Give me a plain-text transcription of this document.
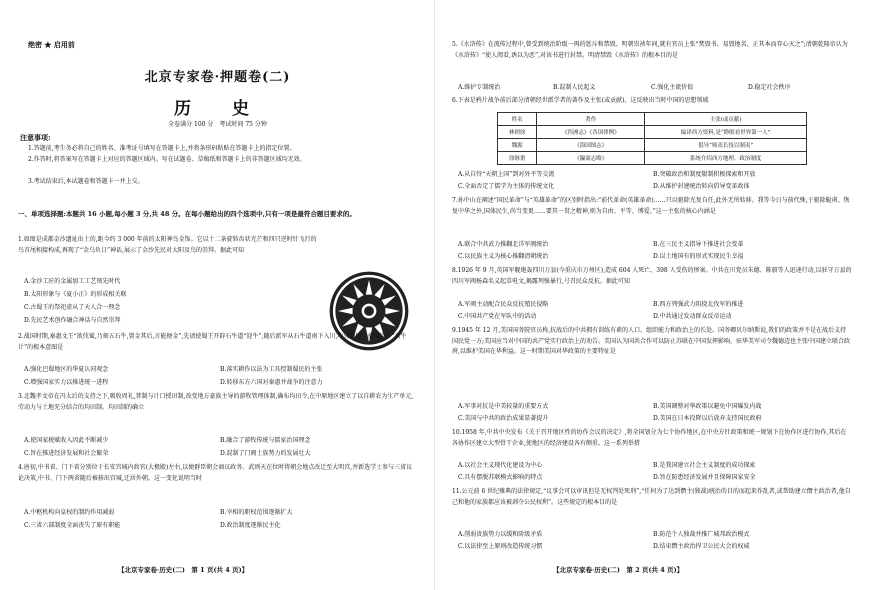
绝密 ★ 启用前
北京专家卷·押题卷(二)
历　史
全卷满分 100 分　考试时间 75 分钟
注意事项:
1.答题前,考生务必将自己的姓名、准考证号填写在答题卡上,并将条形码粘贴在答题卡上的指定位置。
2.作答时,将答案写在答题卡上对应的答题区域内。写在试题卷、草稿纸和答题卡上的非答题区域均无效。
3.考试结束后,本试题卷和答题卡一并上交。
一、单项选择题:本题共 16 小题,每小题 3 分,共 48 分。在每小题给出的四个选项中,只有一项是最符合题目要求的。
1.如图是成都金沙遗址出土的,距今约 3 000 年前的太阳神鸟金饰。它以十二条旋转齿状光芒和四只逆时针飞行的鸟首尾相接构成,再现了“金乌负日”神话,展示了金沙先民对太阳及鸟的崇拜。据此可知
A.金沙工匠的金属加工工艺领先时代
B.太阳形象与《夏小正》的形成相关联
C.古蜀王的祭祀虚从了天人合一理念
D.先民艺术创作融合神话与自然崇拜
2.战国时期,秦惠文王“欲伐蜀,乃刻五石牛,置金其后,言能便金”,先请使蜀王开辟石牛道“迎牛”,随后派军从石牛道南下入川,攻灭蜀国。秦国设计“石牛计”的根本意图是
A.强化巴蜀地区的华夏认同观念	B.落实耕作以法为工具控制蜀民的主张
C.增强国家实力以推进统一进程	D.转移东方六国对秦惠并战争的注意力
3.北魏孝文帝在冯太后的支持之下,吸收周礼,普制与计口授田制,改变地方豪族主导的游牧管理体制,确布均田令,在中原地区建立了以自耕农为生产单元,劳动力与土地充分结合的均田制。均田制的确立
A.使国家税赋收入因此不断减少	B.融合了游牧传统与儒家治国理念
C.旨在推进经济发展和社会繁荣	D.混制了门阀士族势力的发展壮大
4.唐初,中书省、门下省分别位于长安宫城内政官(大极殿)左右,以便群臣朝会商议政务。武则天在位时将朝会地点改迁至大明宫,并新选学士参与三省议论决策,中书、门下两省随后被移出宫城,迁居外朝。这一变化说明当时
A.中枢机构向皇权的制约作用减弱	B.宰相的职权范围逐渐扩大
C.三省六部制度全面丧失了原有职能	D.政治制度逐渐民主化
【北京专家卷·历史(二)　第 1 页(共 4 页)】
5.《水浒传》在流传过程中,曾受到统治阶级一再的惩斥和禁毁。明朝崇祯年间,就有官员上张“焚毁书、易毁地名、正其本而存心灭之”;清朝乾隆帝认为《水浒传》“使人阅看,诱以为恶”,对该书进行封禁。明清禁毁《水浒传》的根本目的是
A.维护专制统治	B.混制人民起义	C.强化主流价值	D.稳定社会秩序
6.下表是鸦片战争前后部分清朝经世派学者的著作及主张(或贡献)。这反映出当时中国的思想领域
姓名	著作	主张(或贡献)
林则徐	《四洲志》《各国律例》	编译西方资料,是“睁眼看世界第一人”
魏源	《海国图志》	倡导“师夷长技以制夷”
徐继畬	《瀛寰志略》	系统介绍西方地理、政治制度
A.从自恃“天朝上国”到对外平等交流	B.突破政治和制度限制积极探索和开放
C.全面否定了儒学为主体的传统文化	D.从维护封建统治转向倡导变革政体
7.孙中山在阐述“国民革命”与“英雄革命”的区别时指出:“前代革命(英雄革命)……只以驱除光复自任,此外无所转移。我等今日与前代殊,于驱除鞑虏、恢复中华之外,国体民生,尚当变更……要其一贯之精神,则为自由、平等、博爱。”这一主张的核心内涵是
A.联合中共武力推翻北洋军阀统治	B.在三民主义指导下推进社会变革
C.以民族主义为核心推翻清朝统治	D.以土地国有的形式实现民生幸福
8.1926 年 9 月,英国军舰炮轰四川万县(今重庆市万州区),造成 604 人死亡、398 人受伤的惨案。中共在川党员朱德、陈毅等人迅速行动,以驻守万县的四川军阀杨森名义起草电文,揭露列强暴行,号召民众反抗。据此可知
A.军阀主动配合民众反抗殖民侵略	B.西方列强武力阻挠北伐军的推进
C.中国共产党在军队中的活动	D.中共通过发动群众反帝运动
9.1945 年 12 月,美国国务院官员称,抗战后的中共拥有训练有素的人口、组织能力和政治上的长处。国务卿贝尔纳斯说,我们的政策并不是在战后支持国民党一方;美国应当对中国的共产党实行政治上的劝告。美国认为国共合作可以防止苏联在中国发挥影响。驻华美军司令魏德迈也主张中国建立联合政府,以维护美国在华利益。这一时期美国对华政策的主要特征是
A.军事对抗是中美较量的重要方式	B.美国调整对华政策以避免中国爆发内战
C.美国与中共的政治成果显著提升	D.美国在日本投降以后放弃支持国民政府
10.1958 年,中共中央发布《关于召开地区性的协作会议的决定》,将全国划分为七个协作地区,在中央方针政策和统一规划下在协作区进行协作,其后在各协作区建立大型骨干企业,使地区的经济建设各有侧重。这一系列举措
A.以社会主义现代化建设为中心	B.是我国建立社会主义制度的成功探索
C.具有摆脱苏联模式影响的特点	D.旨在防患经济发展并且保障国家安全
11.公元前 6 世纪雅典的法律规定,“议事会可以审讯但是无权判处死刑”,“任何为了达到僭主(独裁)统治的目的而起来作乱者,或帮助建立僭主政治者,他自己和他的家族都应该被剥夺公民权利”。这些规定的根本目的是
A.削弱贵族势力以缓和阶级矛盾	B.防范个人独裁并推广城邦政治模式
C.以法律至上原则改造传统习惯	D.结束僭主政治捍卫公民大会的权威
【北京专家卷·历史(二)　第 2 页(共 4 页)】
